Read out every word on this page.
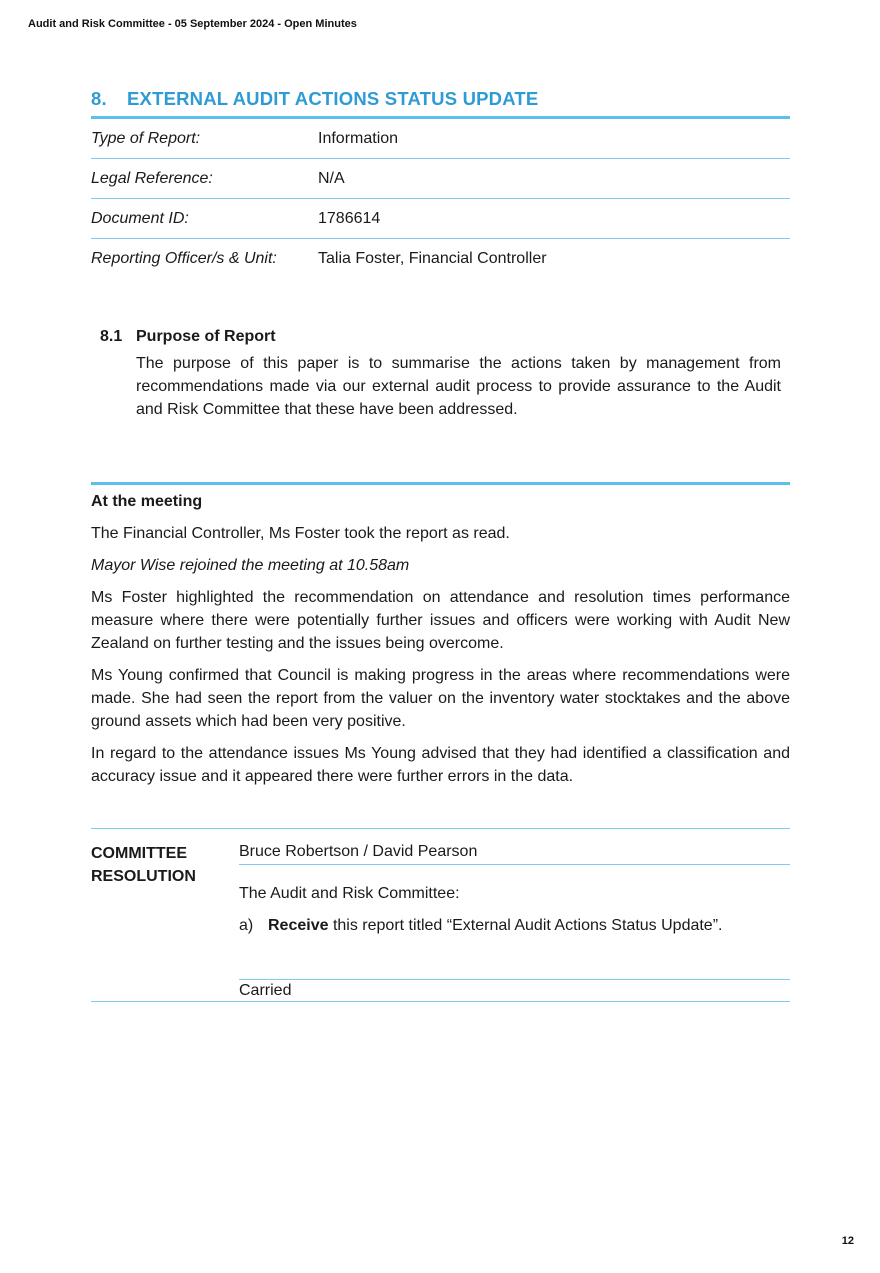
Audit and Risk Committee - 05 September 2024 - Open Minutes
8. EXTERNAL AUDIT ACTIONS STATUS UPDATE
Type of Report:	Information
Legal Reference:	N/A
Document ID:	1786614
Reporting Officer/s & Unit:	Talia Foster, Financial Controller
8.1 Purpose of Report
The purpose of this paper is to summarise the actions taken by management from recommendations made via our external audit process to provide assurance to the Audit and Risk Committee that these have been addressed.

At the meeting

The Financial Controller, Ms Foster took the report as read.

Mayor Wise rejoined the meeting at 10.58am

Ms Foster highlighted the recommendation on attendance and resolution times performance measure where there were potentially further issues and officers were working with Audit New Zealand on further testing and the issues being overcome.

Ms Young confirmed that Council is making progress in the areas where recommendations were made. She had seen the report from the valuer on the inventory water stocktakes and the above ground assets which had been very positive.

In regard to the attendance issues Ms Young advised that they had identified a classification and accuracy issue and it appeared there were further errors in the data.

COMMITTEE
RESOLUTION
Bruce Robertson / David Pearson
The Audit and Risk Committee:
a) Receive this report titled “External Audit Actions Status Update”.
Carried
12
